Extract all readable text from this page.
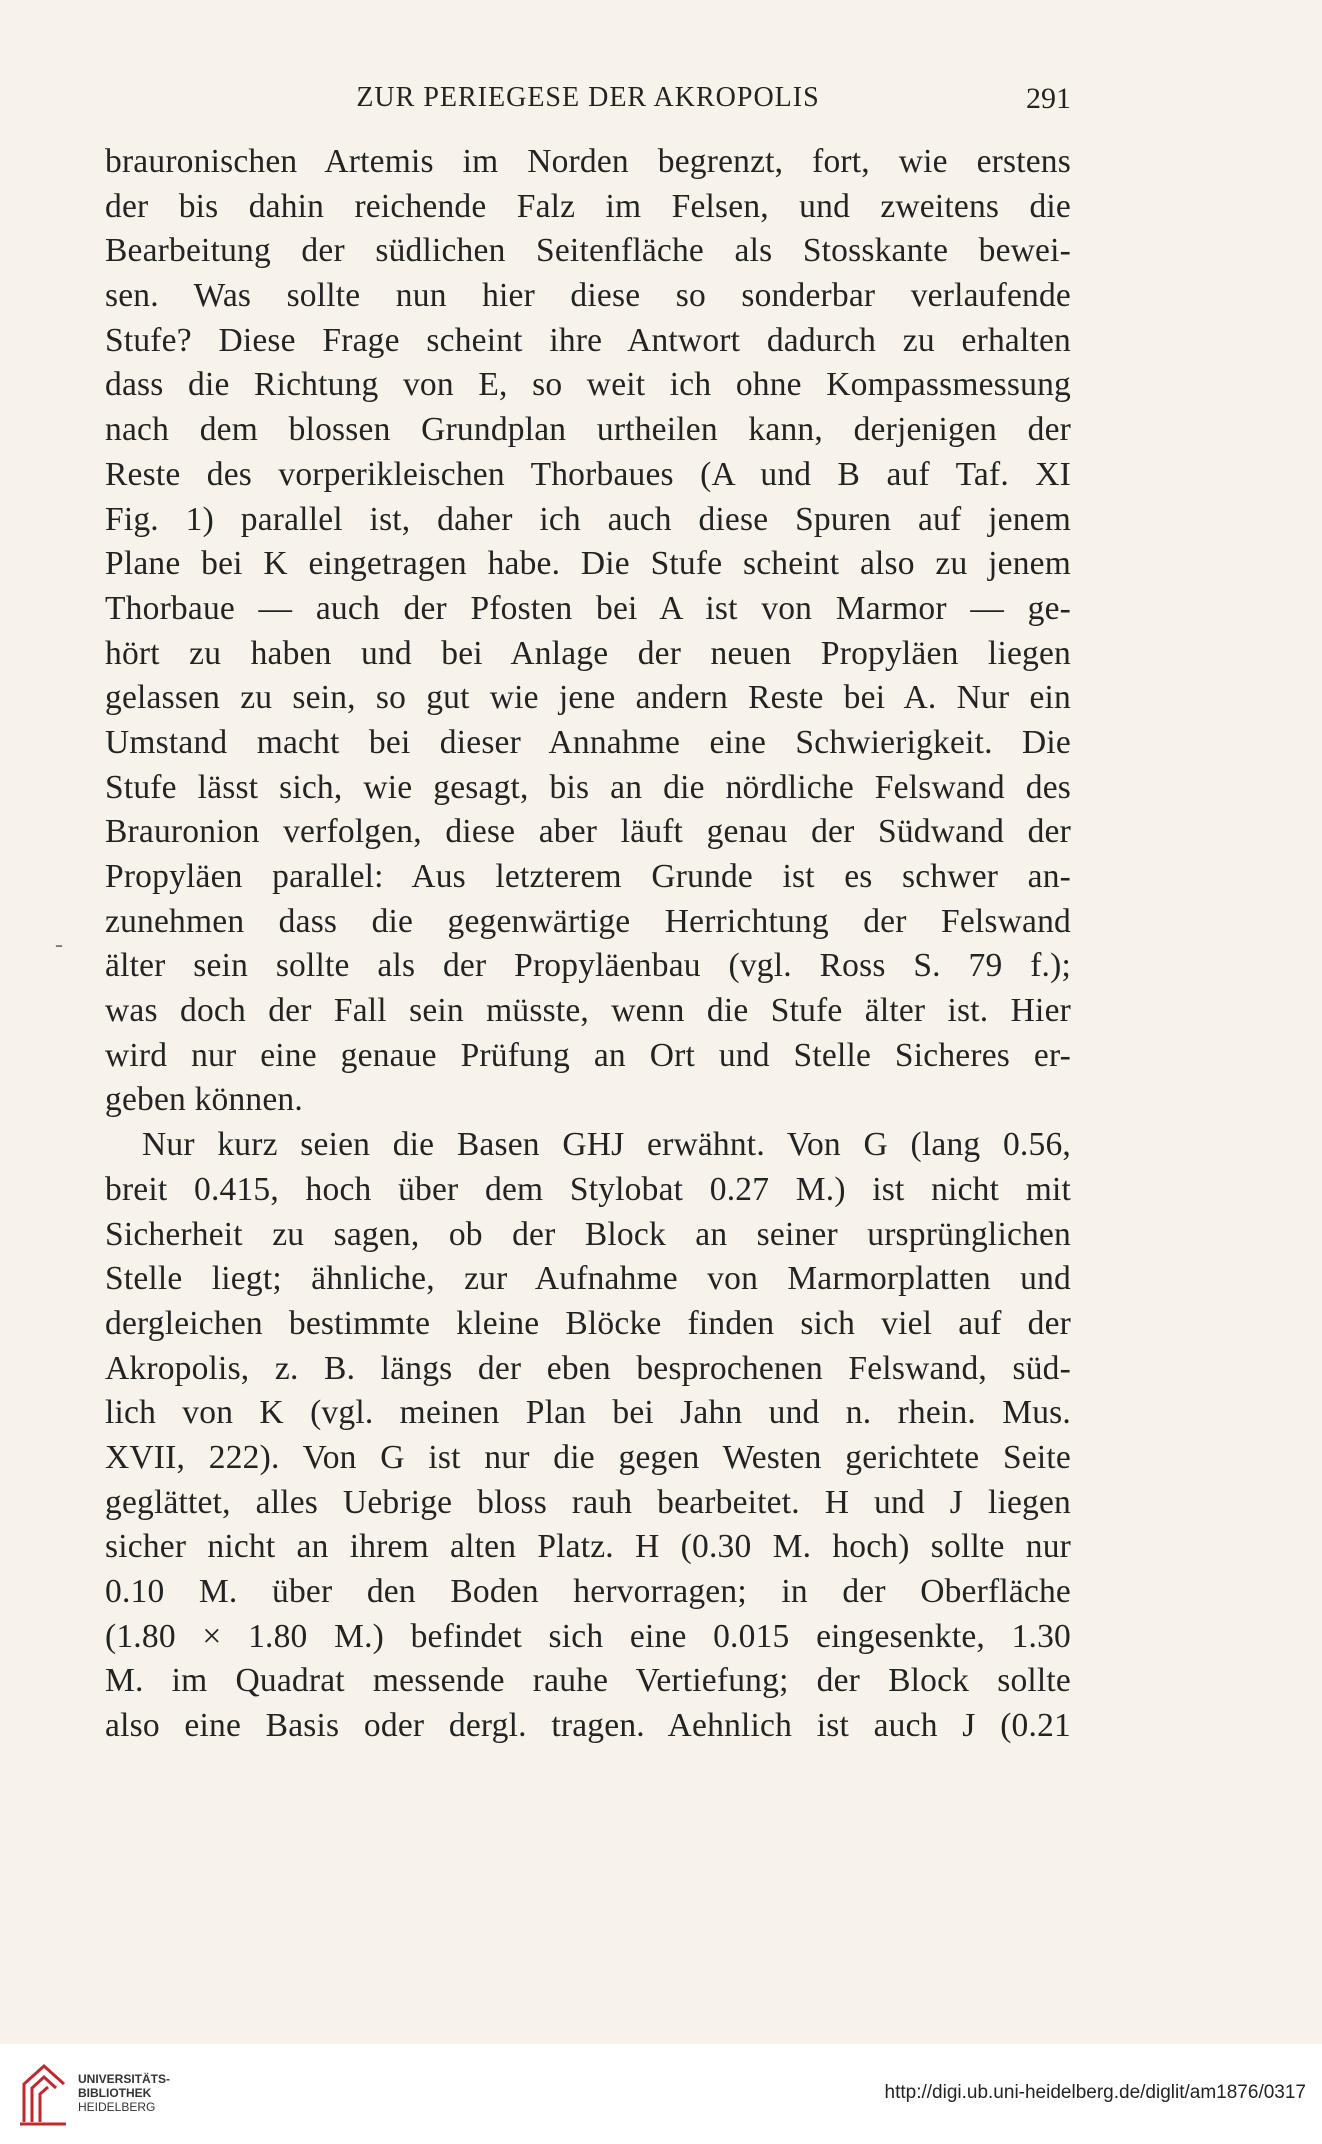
ZUR PERIEGESE DER AKROPOLIS	291
-
brauronischen Artemis im Norden begrenzt, fort, wie erstens
der bis dahin reichende Falz im Felsen, und zweitens die
Bearbeitung der südlichen Seitenfläche als Stosskante bewei-
sen. Was sollte nun hier diese so sonderbar verlaufende
Stufe? Diese Frage scheint ihre Antwort dadurch zu erhalten
dass die Richtung von E, so weit ich ohne Kompassmessung
nach dem blossen Grundplan urtheilen kann, derjenigen der
Reste des vorperikleischen Thorbaues (A und B auf Taf. XI
Fig. 1) parallel ist, daher ich auch diese Spuren auf jenem
Plane bei K eingetragen habe. Die Stufe scheint also zu jenem
Thorbaue — auch der Pfosten bei A ist von Marmor — ge-
hört zu haben und bei Anlage der neuen Propyläen liegen
gelassen zu sein, so gut wie jene andern Reste bei A. Nur ein
Umstand macht bei dieser Annahme eine Schwierigkeit. Die
Stufe lässt sich, wie gesagt, bis an die nördliche Felswand des
Brauronion verfolgen, diese aber läuft genau der Südwand der
Propyläen parallel: Aus letzterem Grunde ist es schwer an-
zunehmen dass die gegenwärtige Herrichtung der Felswand
älter sein sollte als der Propyläenbau (vgl. Ross S. 79 f.);
was doch der Fall sein müsste, wenn die Stufe älter ist. Hier
wird nur eine genaue Prüfung an Ort und Stelle Sicheres er-
geben können.
Nur kurz seien die Basen GHJ erwähnt. Von G (lang 0.56,
breit 0.415, hoch über dem Stylobat 0.27 M.) ist nicht mit
Sicherheit zu sagen, ob der Block an seiner ursprünglichen
Stelle liegt; ähnliche, zur Aufnahme von Marmorplatten und
dergleichen bestimmte kleine Blöcke finden sich viel auf der
Akropolis, z. B. längs der eben besprochenen Felswand, süd-
lich von K (vgl. meinen Plan bei Jahn und n. rhein. Mus.
XVII, 222). Von G ist nur die gegen Westen gerichtete Seite
geglättet, alles Uebrige bloss rauh bearbeitet. H und J liegen
sicher nicht an ihrem alten Platz. H (0.30 M. hoch) sollte nur
0.10 M. über den Boden hervorragen; in der Oberfläche
(1.80 × 1.80 M.) befindet sich eine 0.015 eingesenkte, 1.30
M. im Quadrat messende rauhe Vertiefung; der Block sollte
also eine Basis oder dergl. tragen. Aehnlich ist auch J (0.21
UNIVERSITÄTS-
BIBLIOTHEK
HEIDELBERG
http://digi.ub.uni-heidelberg.de/diglit/am1876/0317
